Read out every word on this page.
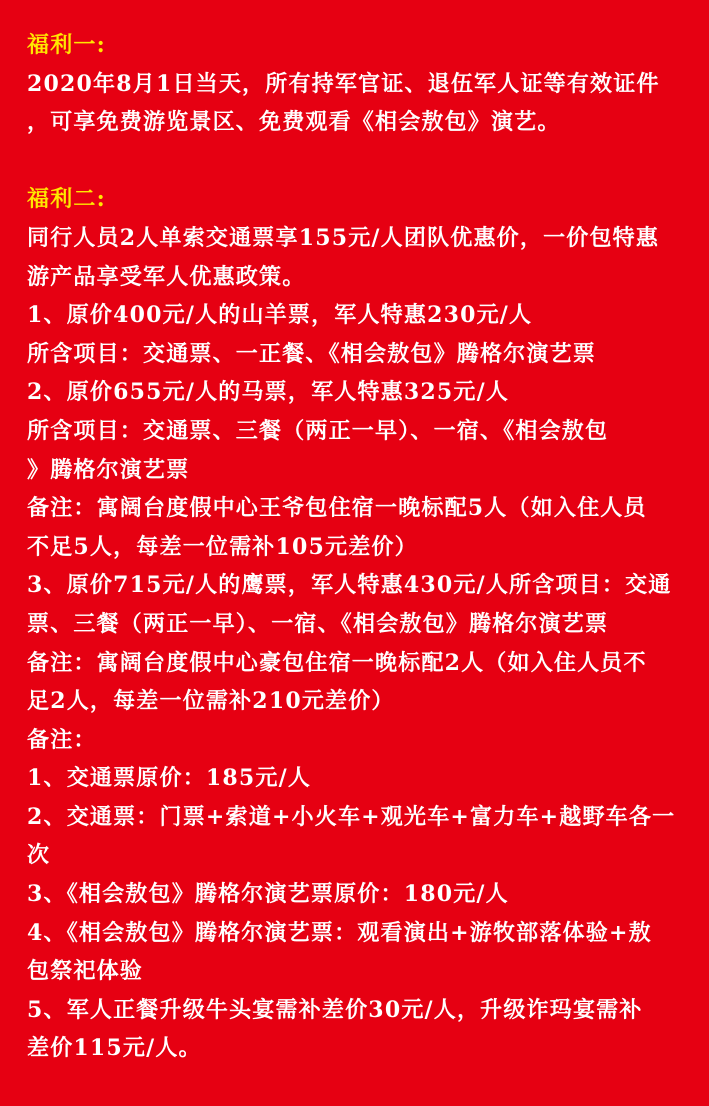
福利一:
2020年8月1日当天，所有持军官证、退伍军人证等有效证件
，可享免费游览景区、免费观看《相会敖包》演艺。
福利二:
同行人员2人单索交通票享155元/人团队优惠价，一价包特惠
游产品享受军人优惠政策。
1、原价400元/人的山羊票，军人特惠230元/人
所含项目：交通票、一正餐、《相会敖包》腾格尔演艺票
2、原价655元/人的马票，军人特惠325元/人
所含项目：交通票、三餐（两正一早）、一宿、《相会敖包
》腾格尔演艺票
备注：寓阔台度假中心王爷包住宿一晚标配5人（如入住人员
不足5人，每差一位需补105元差价）
3、原价715元/人的鹰票，军人特惠430元/人所含项目：交通
票、三餐（两正一早）、一宿、《相会敖包》腾格尔演艺票
备注：寓阔台度假中心豪包住宿一晚标配2人（如入住人员不
足2人，每差一位需补210元差价）
备注：
1、交通票原价：185元/人
2、交通票：门票+索道+小火车+观光车+富力车+越野车各一
次
3、《相会敖包》腾格尔演艺票原价：180元/人
4、《相会敖包》腾格尔演艺票：观看演出+游牧部落体验+敖
包祭祀体验
5、军人正餐升级牛头宴需补差价30元/人，升级诈玛宴需补
差价115元/人。
